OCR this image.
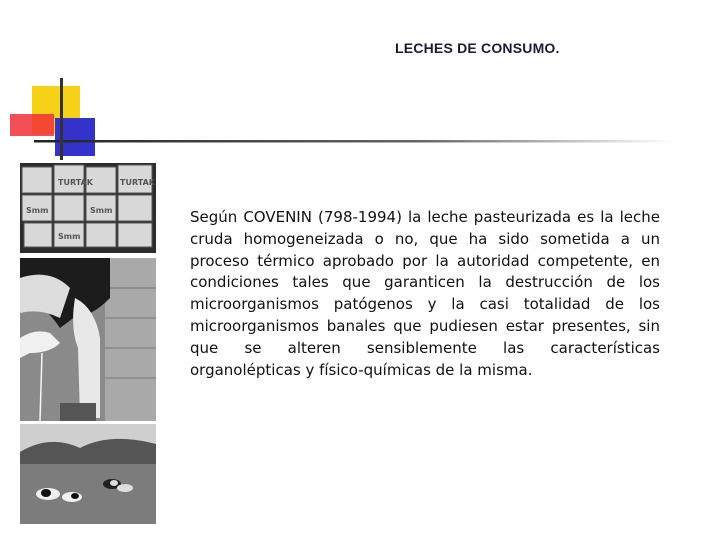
LECHES DE CONSUMO.
Smm
TURTAK
Smm
TURTAK
Smm
Según COVENIN (798-1994) la leche pasteurizada es la leche cruda homogeneizada o no, que ha sido sometida a un proceso térmico aprobado por la autoridad competente, en condiciones tales que garanticen la destrucción de los microorganismos patógenos y la casi totalidad de los microorganismos banales que pudiesen estar presentes, sin que se alteren sensiblemente las características organolépticas y físico-químicas de la misma.
